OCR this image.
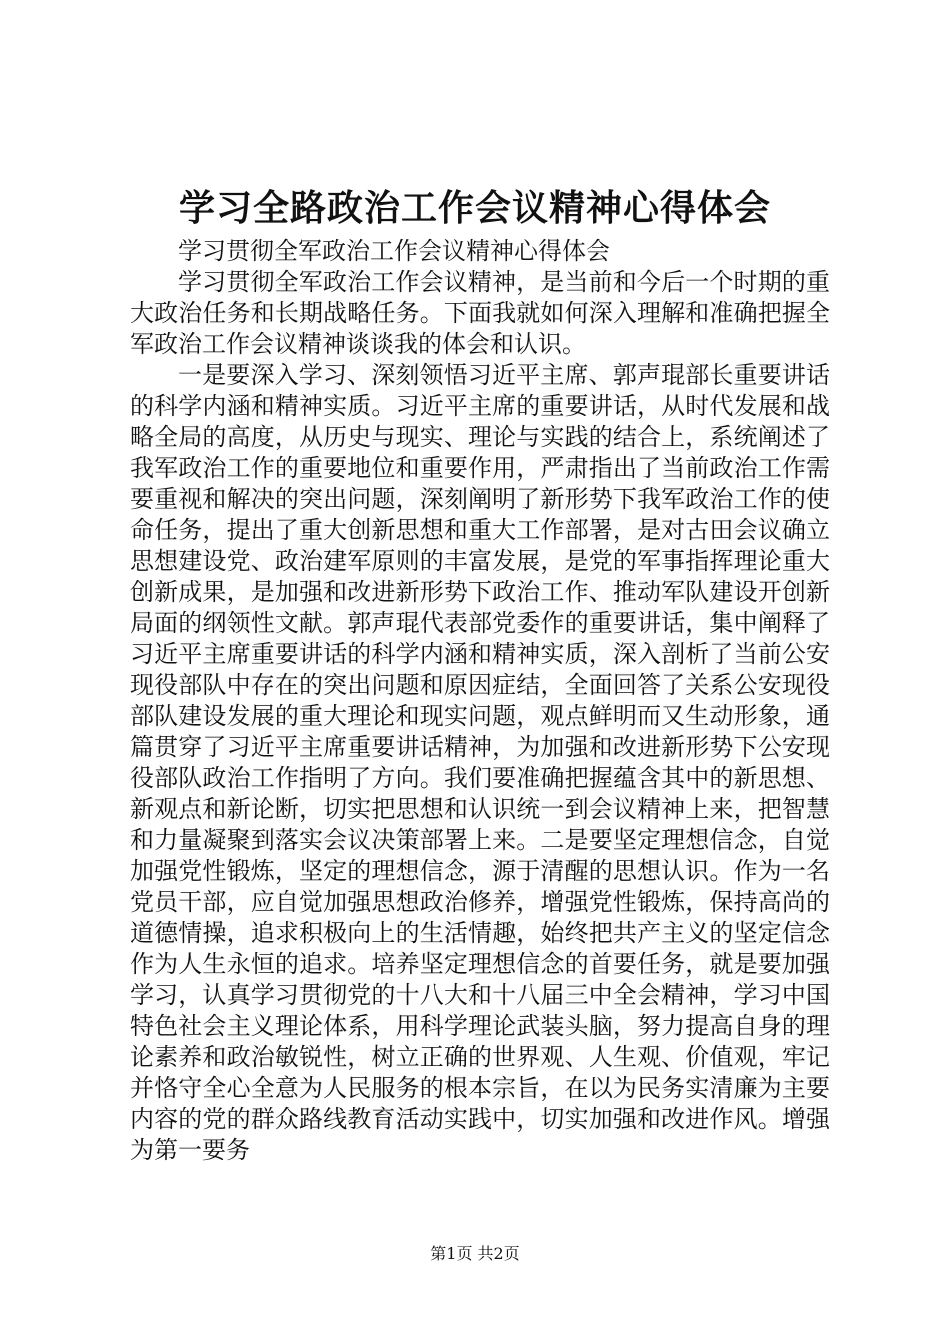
学习全路政治工作会议精神心得体会

学习贯彻全军政治工作会议精神心得体会

学习贯彻全军政治工作会议精神，是当前和今后一个时期的重大政治任务和长期战略任务。下面我就如何深入理解和准确把握全军政治工作会议精神谈谈我的体会和认识。

一是要深入学习、深刻领悟习近平主席、郭声琨部长重要讲话的科学内涵和精神实质。习近平主席的重要讲话，从时代发展和战略全局的高度，从历史与现实、理论与实践的结合上，系统阐述了我军政治工作的重要地位和重要作用，严肃指出了当前政治工作需要重视和解决的突出问题，深刻阐明了新形势下我军政治工作的使命任务，提出了重大创新思想和重大工作部署，是对古田会议确立思想建设党、政治建军原则的丰富发展，是党的军事指挥理论重大创新成果，是加强和改进新形势下政治工作、推动军队建设开创新局面的纲领性文献。郭声琨代表部党委作的重要讲话，集中阐释了习近平主席重要讲话的科学内涵和精神实质，深入剖析了当前公安现役部队中存在的突出问题和原因症结，全面回答了关系公安现役部队建设发展的重大理论和现实问题，观点鲜明而又生动形象，通篇贯穿了习近平主席重要讲话精神，为加强和改进新形势下公安现役部队政治工作指明了方向。我们要准确把握蕴含其中的新思想、新观点和新论断，切实把思想和认识统一到会议精神上来，把智慧和力量凝聚到落实会议决策部署上来。二是要坚定理想信念，自觉加强党性锻炼，坚定的理想信念，源于清醒的思想认识。作为一名党员干部，应自觉加强思想政治修养，增强党性锻炼，保持高尚的道德情操，追求积极向上的生活情趣，始终把共产主义的坚定信念作为人生永恒的追求。培养坚定理想信念的首要任务，就是要加强学习，认真学习贯彻党的十八大和十八届三中全会精神，学习中国特色社会主义理论体系，用科学理论武装头脑，努力提高自身的理论素养和政治敏锐性，树立正确的世界观、人生观、价值观，牢记并恪守全心全意为人民服务的根本宗旨，在以为民务实清廉为主要内容的党的群众路线教育活动实践中，切实加强和改进作风。增强为第一要务

第1页 共2页
